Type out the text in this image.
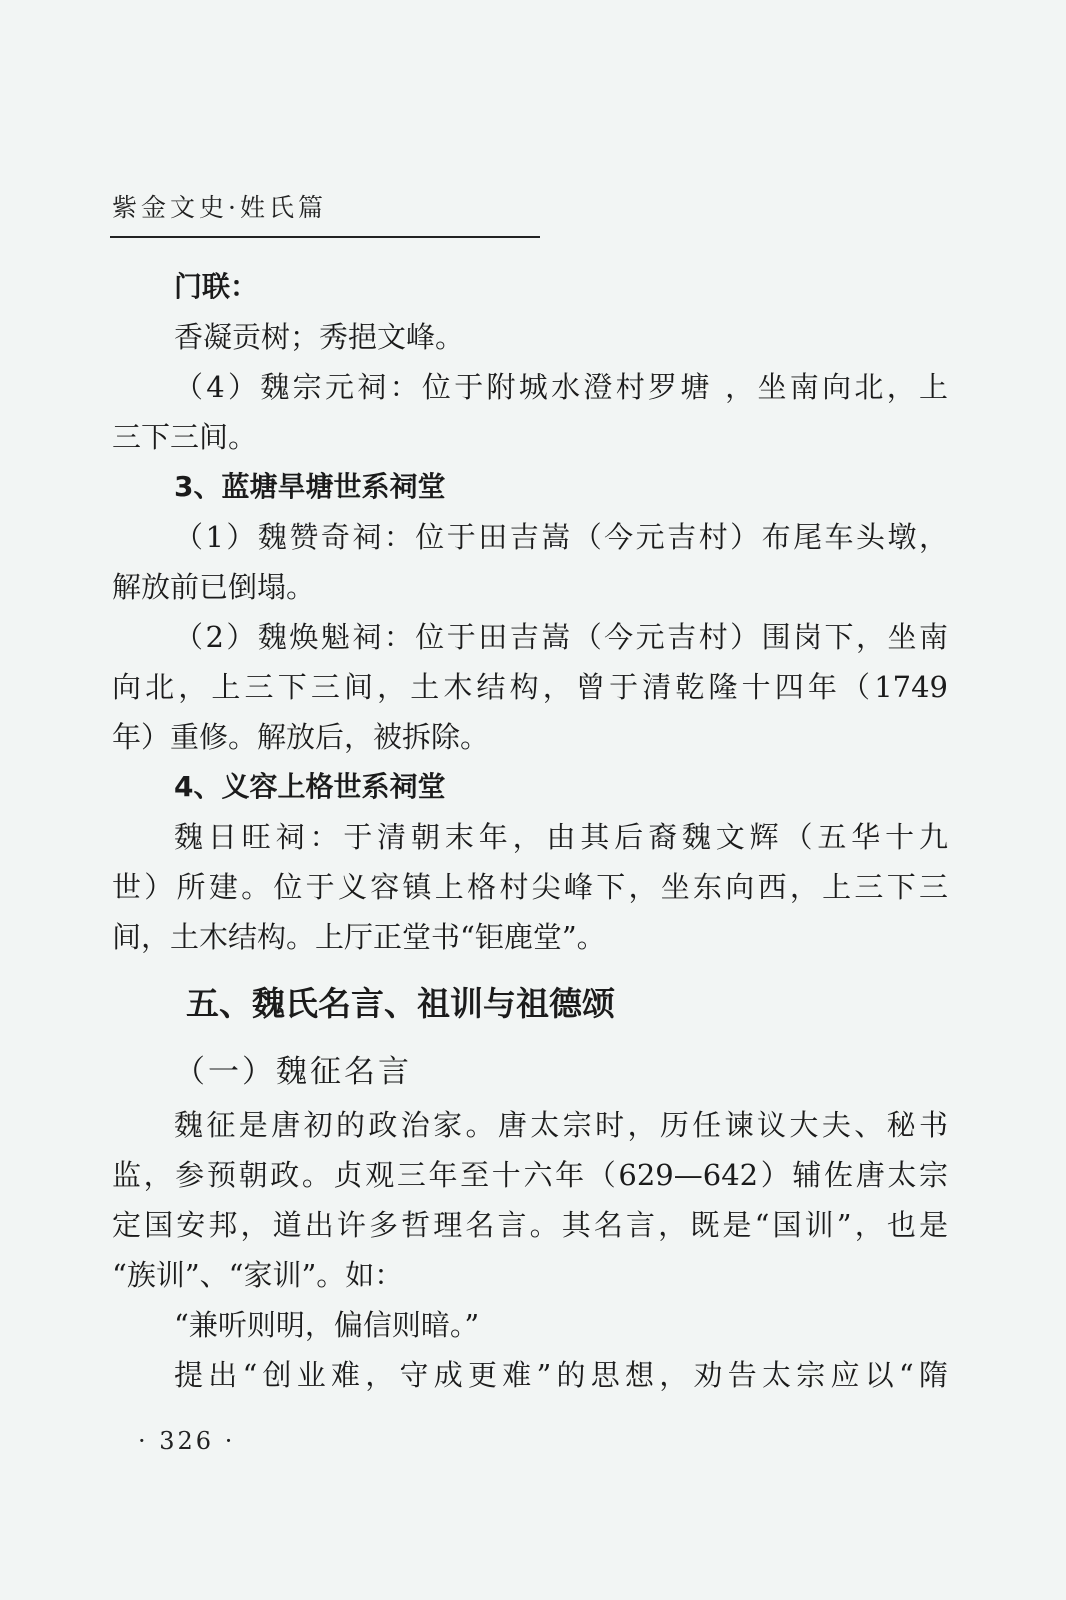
紫金文史·姓氏篇
门联：
香凝贡树；秀挹文峰。
（4）魏宗元祠：位于附城水澄村罗塘 ，坐南向北，上
三下三间。
3、蓝塘旱塘世系祠堂
（1）魏赞奇祠：位于田吉嵩（今元吉村）布尾车头墩，
解放前已倒塌。
（2）魏焕魁祠：位于田吉嵩（今元吉村）围岗下，坐南
向北，上三下三间，土木结构，曾于清乾隆十四年（1749
年）重修。解放后，被拆除。
4、义容上格世系祠堂
魏日旺祠：于清朝末年，由其后裔魏文辉（五华十九
世）所建。位于义容镇上格村尖峰下，坐东向西，上三下三
间，土木结构。上厅正堂书“钜鹿堂”。
五、魏氏名言、祖训与祖德颂
（一）魏征名言
魏征是唐初的政治家。唐太宗时，历任谏议大夫、秘书
监，参预朝政。贞观三年至十六年（629—642）辅佐唐太宗
定国安邦，道出许多哲理名言。其名言，既是“国训”，也是
“族训”、“家训”。如：
“兼听则明，偏信则暗。”
提出“创业难，守成更难”的思想，劝告太宗应以“隋
· 326 ·
